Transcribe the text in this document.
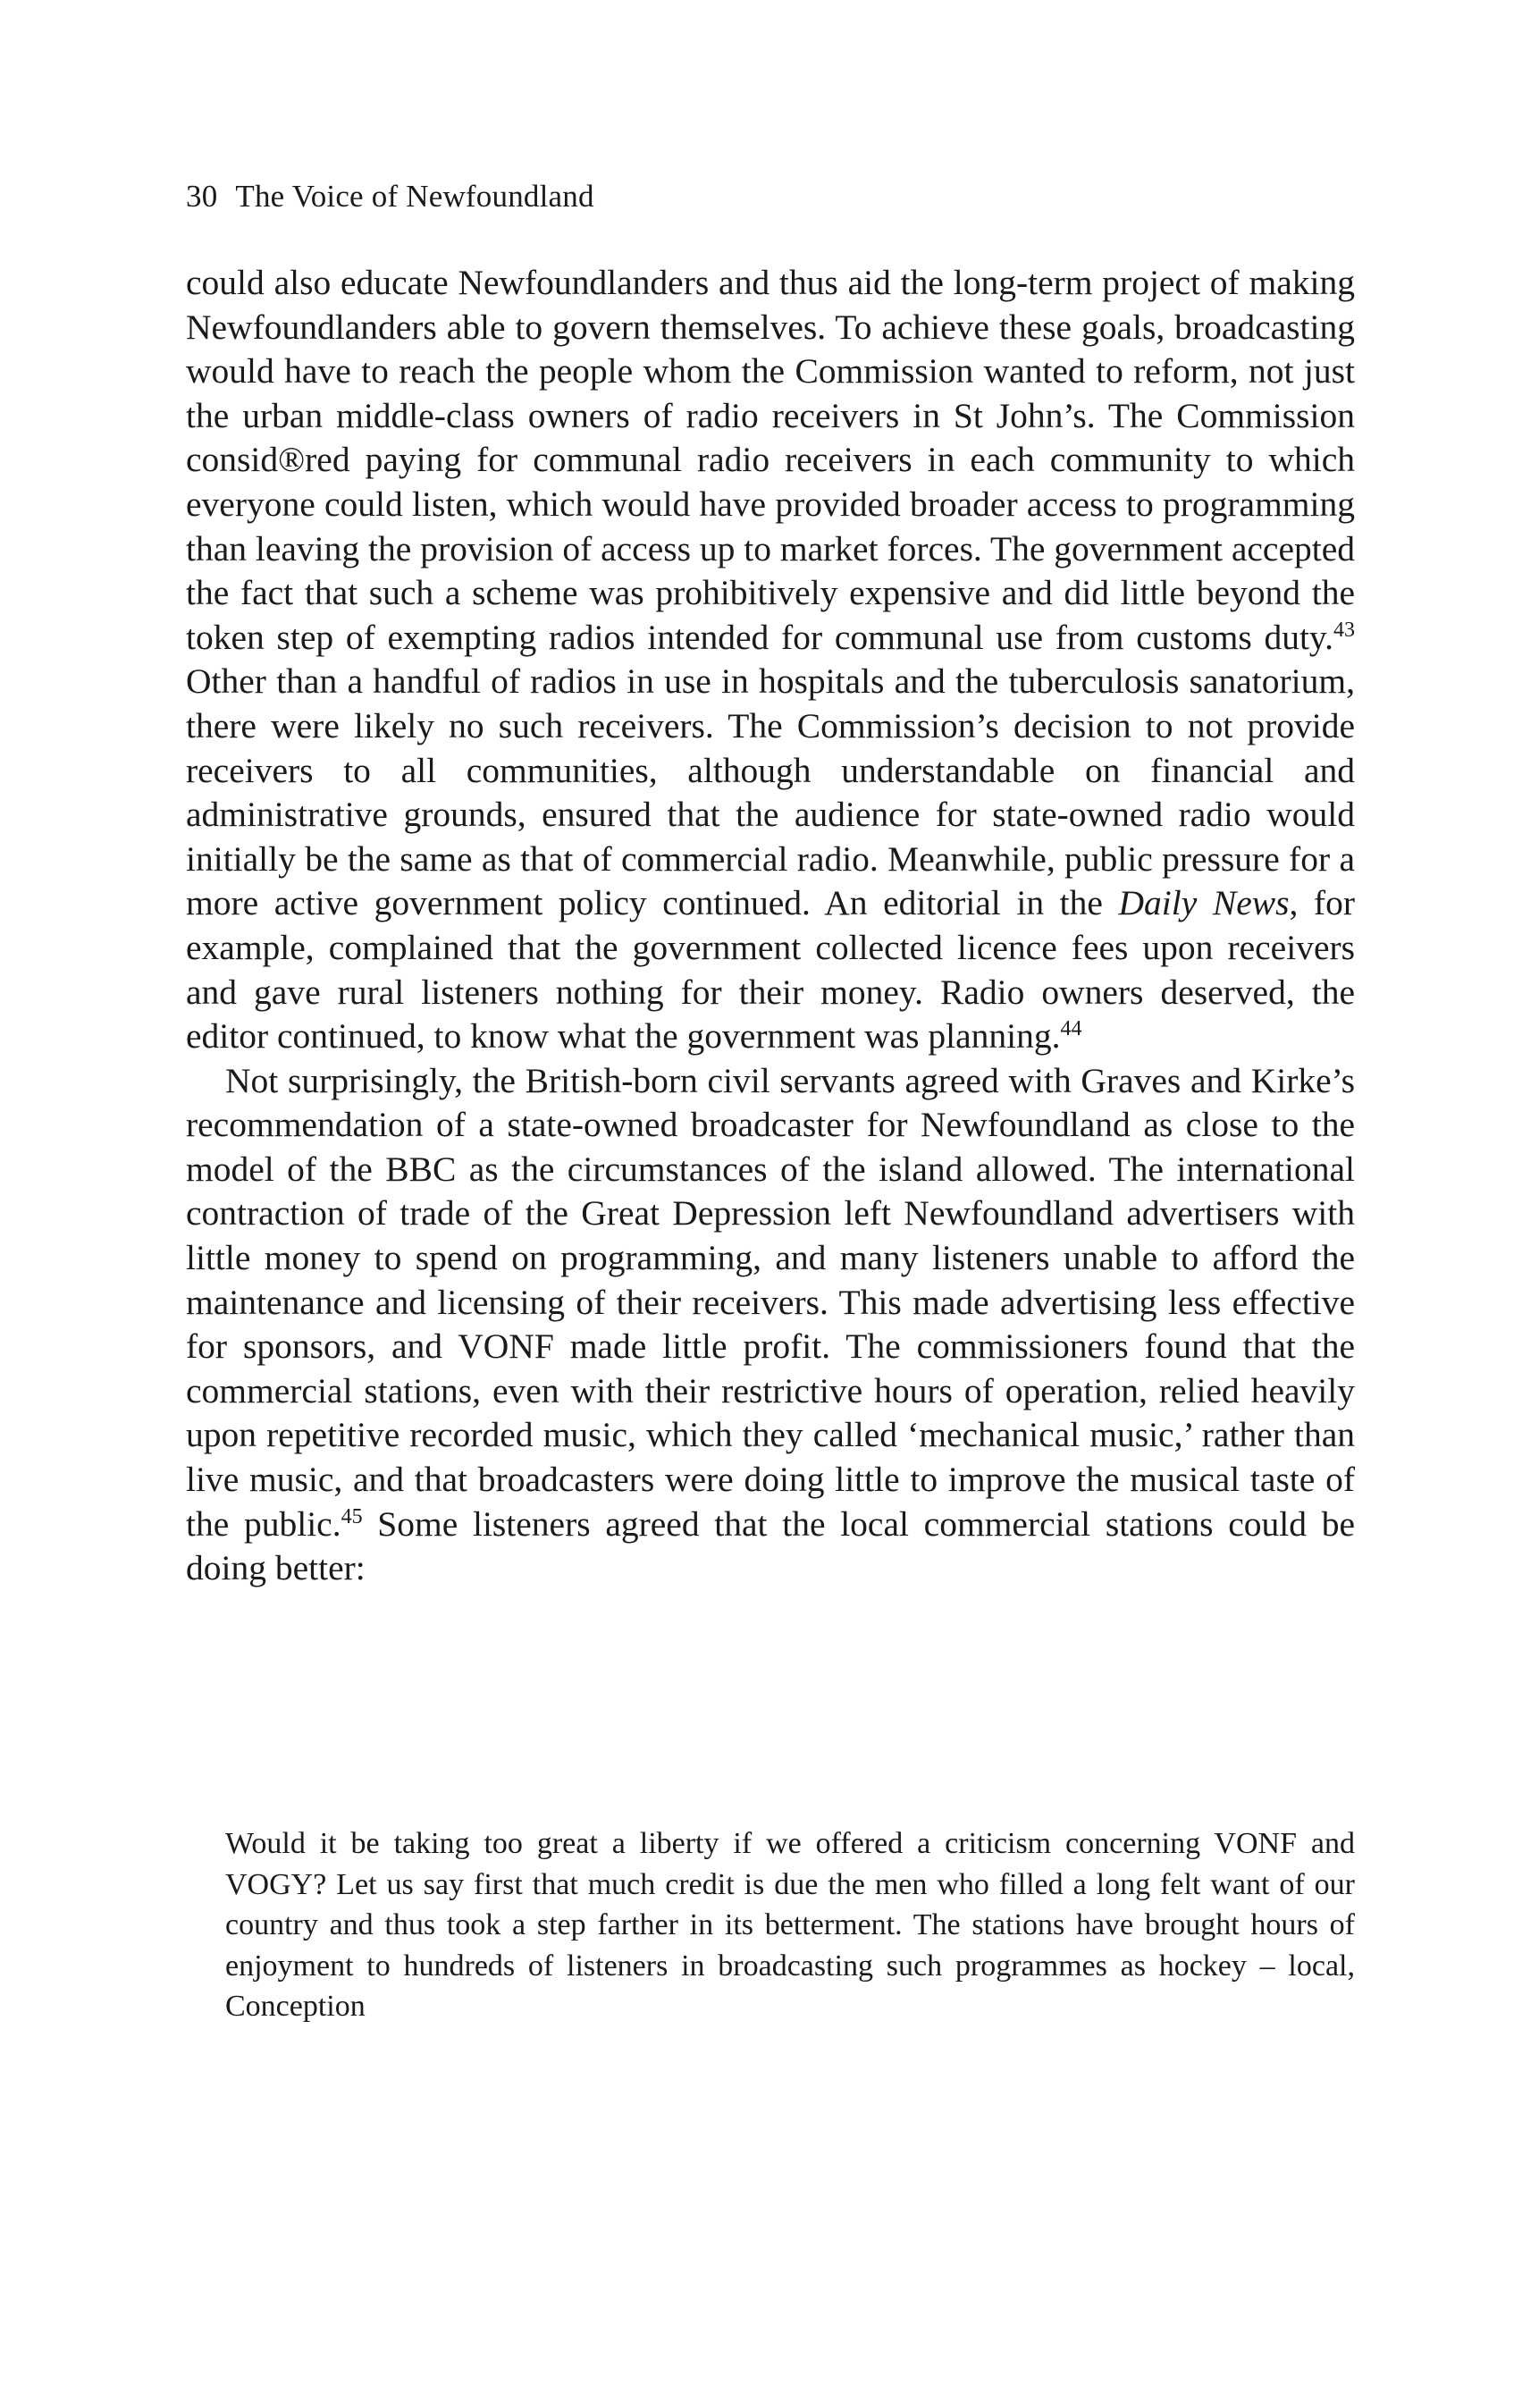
30 The Voice of Newfoundland

could also educate Newfoundlanders and thus aid the long-term project of making Newfoundlanders able to govern themselves. To achieve these goals, broadcasting would have to reach the people whom the Commission wanted to reform, not just the urban middle-class owners of radio receivers in St John’s. The Commission consid®red paying for communal radio receivers in each community to which everyone could listen, which would have provided broader access to programming than leaving the provision of access up to market forces. The government accepted the fact that such a scheme was prohibitively expensive and did little beyond the token step of exempting radios intended for communal use from customs duty.$^{43}$ Other than a handful of radios in use in hospitals and the tuberculosis sanatorium, there were likely no such receivers. The Commission’s decision to not provide receivers to all communities, although understandable on financial and administrative grounds, ensured that the audience for state-owned radio would initially be the same as that of commercial radio. Meanwhile, public pressure for a more active government policy continued. An editorial in the Daily News, for example, complained that the government collected licence fees upon receivers and gave rural listeners nothing for their money. Radio owners deserved, the editor continued, to know what the government was planning.$^{44}$

Not surprisingly, the British-born civil servants agreed with Graves and Kirke’s recommendation of a state-owned broadcaster for Newfoundland as close to the model of the BBC as the circumstances of the island allowed. The international contraction of trade of the Great Depression left Newfoundland advertisers with little money to spend on programming, and many listeners unable to afford the maintenance and licensing of their receivers. This made advertising less effective for sponsors, and VONF made little profit. The commissioners found that the commercial stations, even with their restrictive hours of operation, relied heavily upon repetitive recorded music, which they called ‘mechanical music,’ rather than live music, and that broadcasters were doing little to improve the musical taste of the public.$^{45}$ Some listeners agreed that the local commercial stations could be doing better:

Would it be taking too great a liberty if we offered a criticism concerning VONF and VOGY? Let us say first that much credit is due the men who filled a long felt want of our country and thus took a step farther in its betterment. The stations have brought hours of enjoyment to hundreds of listeners in broadcasting such programmes as hockey – local, Conception
